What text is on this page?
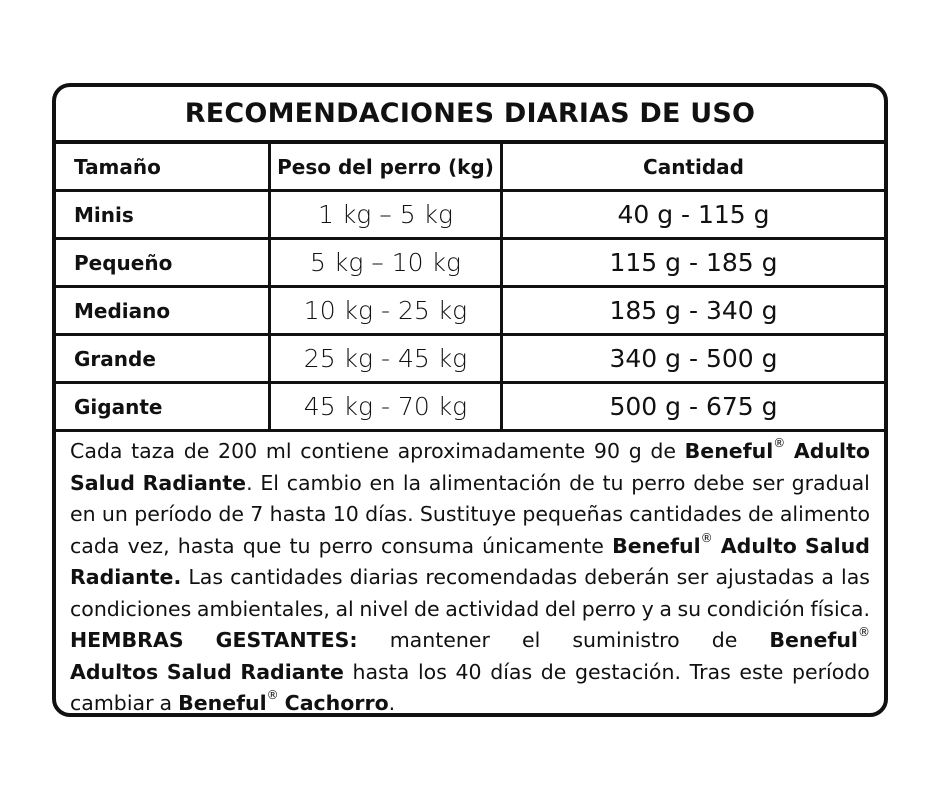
RECOMENDACIONES DIARIAS DE USO
Tamaño	Peso del perro (kg)	Cantidad
Minis	1 kg – 5 kg	40 g - 115 g
Pequeño	5 kg – 10 kg	115 g - 185 g
Mediano	10 kg - 25 kg	185 g - 340 g
Grande	25 kg - 45 kg	340 g - 500 g
Gigante	45 kg - 70 kg	500 g - 675 g
Cada taza de 200 ml contiene aproximadamente 90 g de Beneful® Adulto
Salud Radiante. El cambio en la alimentación de tu perro debe ser gradual
en un período de 7 hasta 10 días. Sustituye pequeñas cantidades de alimento
cada vez, hasta que tu perro consuma únicamente Beneful® Adulto Salud
Radiante. Las cantidades diarias recomendadas deberán ser ajustadas a las
condiciones ambientales, al nivel de actividad del perro y a su condición física.
HEMBRAS GESTANTES: mantener el suministro de Beneful®
Adultos Salud Radiante hasta los 40 días de gestación. Tras este período
cambiar a Beneful® Cachorro.
